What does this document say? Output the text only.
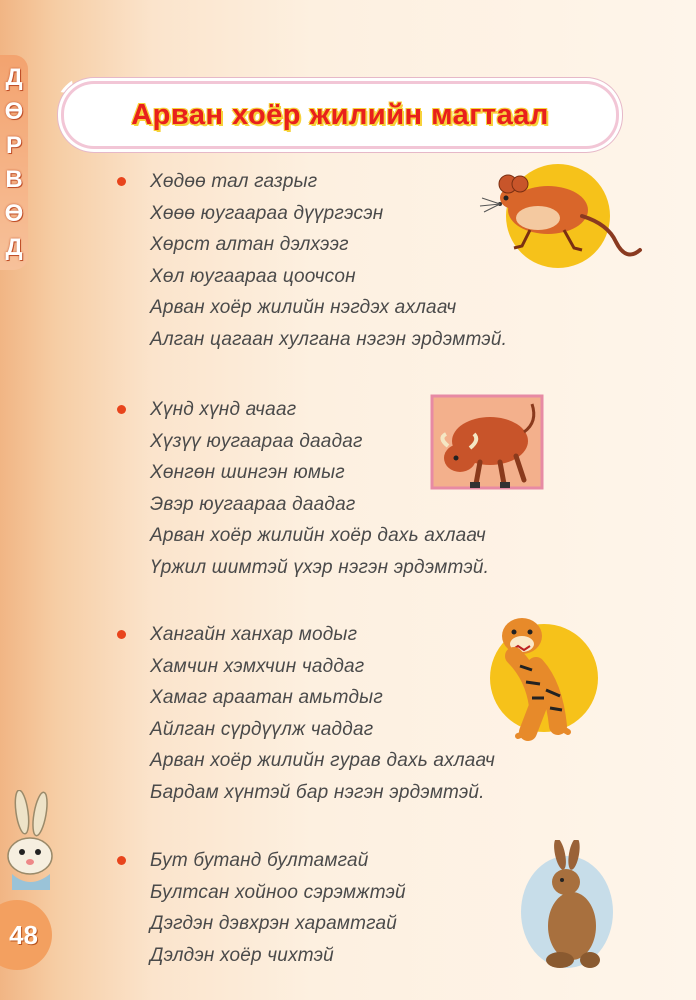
Д
Ө
Р
В
Ө
Д
Арван хоёр жилийн магтаал
Хөдөө тал газрыг
Хөөө юугаараа дүүргэсэн
Хөрст алтан дэлхээг
Хөл юугаараа цоочсон
Арван хоёр жилийн нэгдэх ахлаач
Алган цагаан хулгана нэгэн эрдэмтэй.
Хүнд хүнд ачааг
Хүзүү юугаараа даадаг
Хөнгөн шингэн юмыг
Эвэр юугаараа даадаг
Арван хоёр жилийн хоёр дахь ахлаач
Үржил шимтэй үхэр нэгэн эрдэмтэй.
Хангайн ханхар модыг
Хамчин хэмхчин чаддаг
Хамаг араатан амьтдыг
Айлган сүрдүүлж чаддаг
Арван хоёр жилийн гурав дахь ахлаач
Бардам хүнтэй бар нэгэн эрдэмтэй.
Бут бутанд бултамгай
Бултсан хойноо сэрэмжтэй
Дэгдэн дэвхрэн харамтгай
Дэлдэн хоёр чихтэй
48
